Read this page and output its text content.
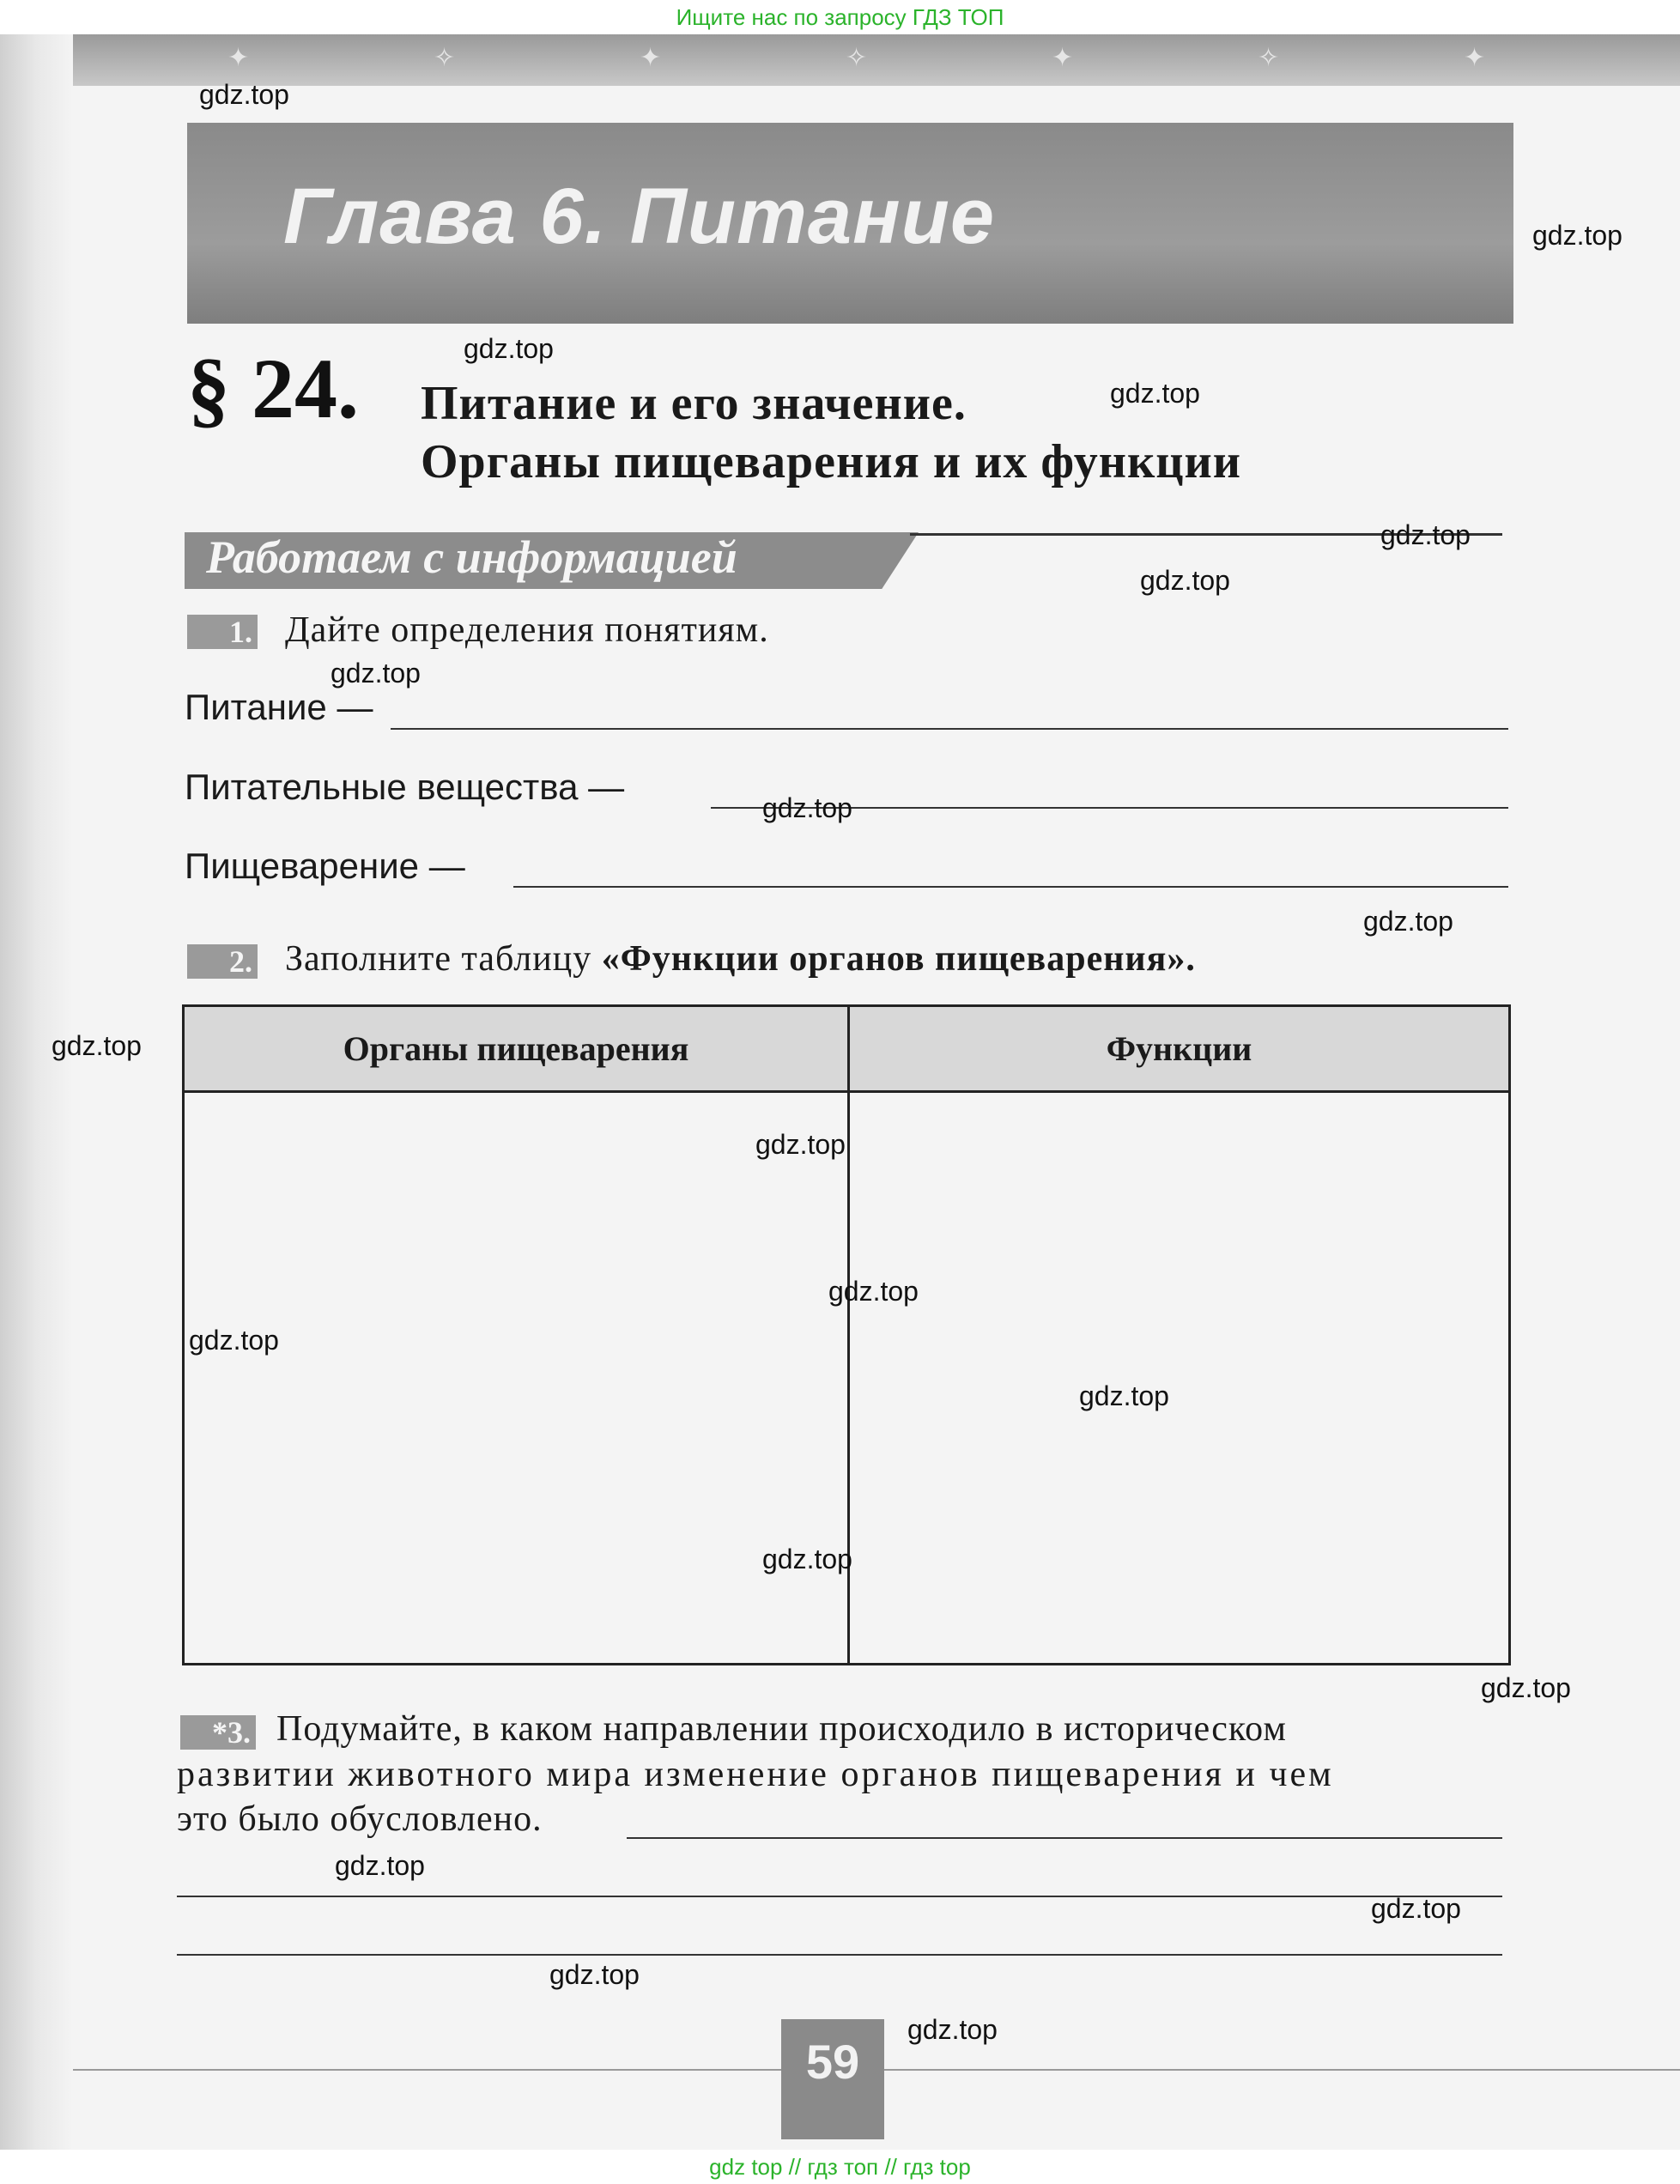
✦	✧	✦	✧	✦	✧	✦
Ищите нас по запросу ГДЗ ТОП
Глава 6. Питание
§ 24. Питание и его значение.
Органы пищеварения и их функции
Работаем с информацией
1. Дайте определения понятиям.
Питание —
Питательные вещества —
Пищеварение —
2. Заполните таблицу «Функции органов пищеварения».
Органы пищеварения	Функции

*3. Подумайте, в каком направлении происходило в историческом
развитии животного мира изменение органов пищеварения и чем
это было обусловлено.
59
gdz.top
gdz.top
gdz.top
gdz.top
gdz.top
gdz.top
gdz.top
gdz.top
gdz.top
gdz.top
gdz.top
gdz.top
gdz.top
gdz.top
gdz.top
gdz.top
gdz.top
gdz.top
gdz.top
gdz.top
gdz top // гдз топ // гдз top
